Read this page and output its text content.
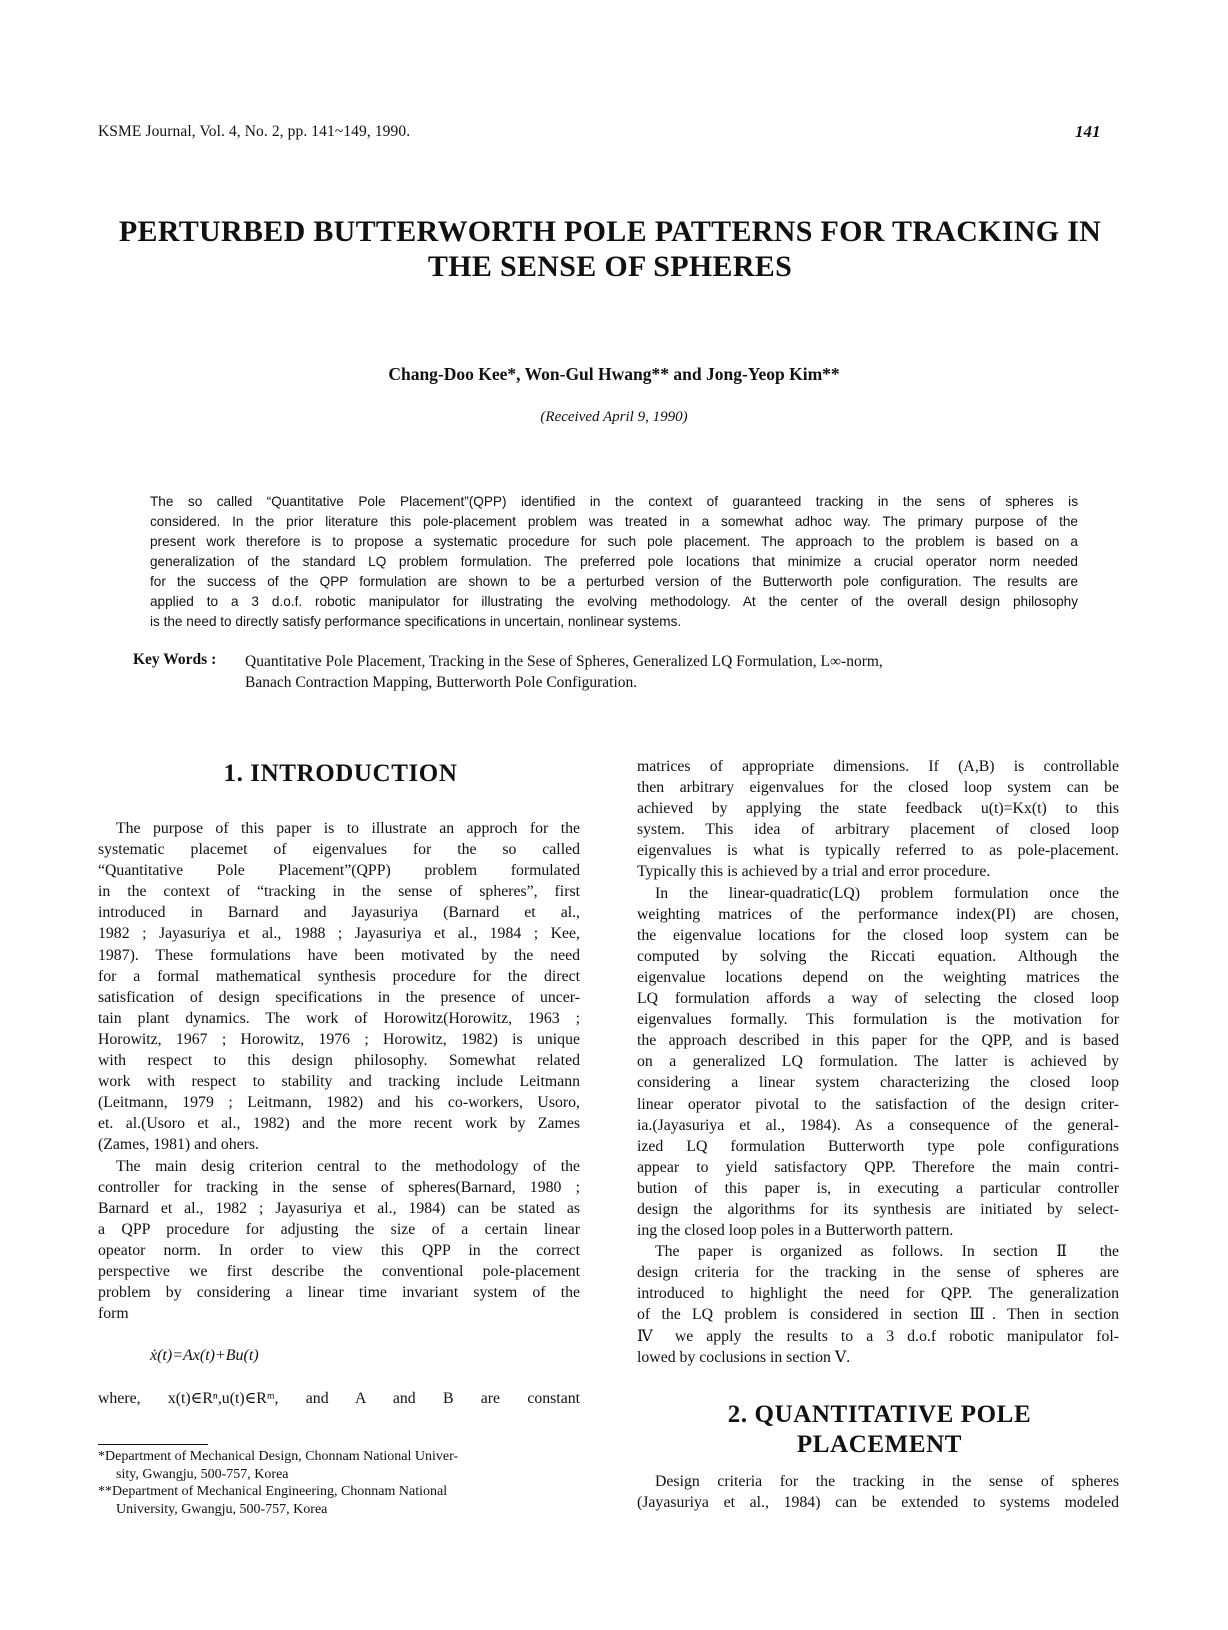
KSME Journal, Vol. 4, No. 2, pp. 141~149, 1990.	141
PERTURBED BUTTERWORTH POLE PATTERNS FOR TRACKING IN
THE SENSE OF SPHERES
Chang-Doo Kee*, Won-Gul Hwang** and Jong-Yeop Kim**
(Received April 9, 1990)
The so called “Quantitative Pole Placement”(QPP) identified in the context of guaranteed tracking in the sens of spheres is
considered. In the prior literature this pole-placement problem was treated in a somewhat adhoc way. The primary purpose of the
present work therefore is to propose a systematic procedure for such pole placement. The approach to the problem is based on a
generalization of the standard LQ problem formulation. The preferred pole locations that minimize a crucial operator norm needed
for the success of the QPP formulation are shown to be a perturbed version of the Butterworth pole configuration. The results are
applied to a 3 d.o.f. robotic manipulator for illustrating the evolving methodology. At the center of the overall design philosophy
is the need to directly satisfy performance specifications in uncertain, nonlinear systems.
Key Words : Quantitative Pole Placement, Tracking in the Sese of Spheres, Generalized LQ Formulation, L∞-norm,
Banach Contraction Mapping, Butterworth Pole Configuration.
1. INTRODUCTION
The purpose of this paper is to illustrate an approch for the
systematic placemet of eigenvalues for the so called
“Quantitative Pole Placement”(QPP) problem formulated
in the context of “tracking in the sense of spheres”, first
introduced in Barnard and Jayasuriya (Barnard et al.,
1982 ; Jayasuriya et al., 1988 ; Jayasuriya et al., 1984 ; Kee,
1987). These formulations have been motivated by the need
for a formal mathematical synthesis procedure for the direct
satisfication of design specifications in the presence of uncer-
tain plant dynamics. The work of Horowitz(Horowitz, 1963 ;
Horowitz, 1967 ; Horowitz, 1976 ; Horowitz, 1982) is unique
with respect to this design philosophy. Somewhat related
work with respect to stability and tracking include Leitmann
(Leitmann, 1979 ; Leitmann, 1982) and his co-workers, Usoro,
et. al.(Usoro et al., 1982) and the more recent work by Zames
(Zames, 1981) and ohers.
The main desig criterion central to the methodology of the
controller for tracking in the sense of spheres(Barnard, 1980 ;
Barnard et al., 1982 ; Jayasuriya et al., 1984) can be stated as
a QPP procedure for adjusting the size of a certain linear
opeator norm. In order to view this QPP in the correct
perspective we first describe the conventional pole-placement
problem by considering a linear time invariant system of the
form
ẋ(t)=Ax(t)+Bu(t)
where, x(t)∈Rⁿ,u(t)∈Rᵐ, and A and B are constant
*Department of Mechanical Design, Chonnam National Univer-
sity, Gwangju, 500-757, Korea
**Department of Mechanical Engineering, Chonnam National
University, Gwangju, 500-757, Korea
matrices of appropriate dimensions. If (A,B) is controllable
then arbitrary eigenvalues for the closed loop system can be
achieved by applying the state feedback u(t)=Kx(t) to this
system. This idea of arbitrary placement of closed loop
eigenvalues is what is typically referred to as pole-placement.
Typically this is achieved by a trial and error procedure.
In the linear-quadratic(LQ) problem formulation once the
weighting matrices of the performance index(PI) are chosen,
the eigenvalue locations for the closed loop system can be
computed by solving the Riccati equation. Although the
eigenvalue locations depend on the weighting matrices the
LQ formulation affords a way of selecting the closed loop
eigenvalues formally. This formulation is the motivation for
the approach described in this paper for the QPP, and is based
on a generalized LQ formulation. The latter is achieved by
considering a linear system characterizing the closed loop
linear operator pivotal to the satisfaction of the design criter-
ia.(Jayasuriya et al., 1984). As a consequence of the general-
ized LQ formulation Butterworth type pole configurations
appear to yield satisfactory QPP. Therefore the main contri-
bution of this paper is, in executing a particular controller
design the algorithms for its synthesis are initiated by select-
ing the closed loop poles in a Butterworth pattern.
The paper is organized as follows. In section Ⅱ the
design criteria for the tracking in the sense of spheres are
introduced to highlight the need for QPP. The generalization
of the LQ problem is considered in section Ⅲ. Then in section
Ⅳ we apply the results to a 3 d.o.f robotic manipulator fol-
lowed by coclusions in section Ⅴ.
2. QUANTITATIVE POLE
PLACEMENT
Design criteria for the tracking in the sense of spheres
(Jayasuriya et al., 1984) can be extended to systems modeled
